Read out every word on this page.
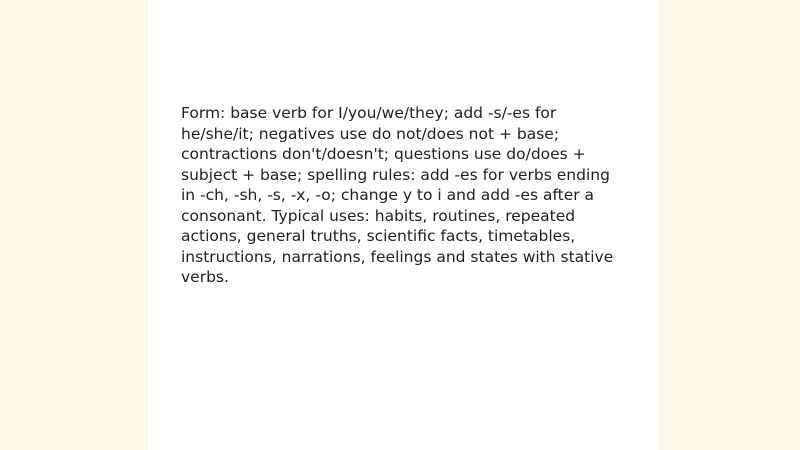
Form: base verb for I/you/we/they; add -s/-es for he/she/it; negatives use do not/does not + base; contractions don't/doesn't; questions use do/does + subject + base; spelling rules: add -es for verbs ending in -ch, -sh, -s, -x, -o; change y to i and add -es after a consonant. Typical uses: habits, routines, repeated actions, general truths, scientific facts, timetables, instructions, narrations, feelings and states with stative verbs.
